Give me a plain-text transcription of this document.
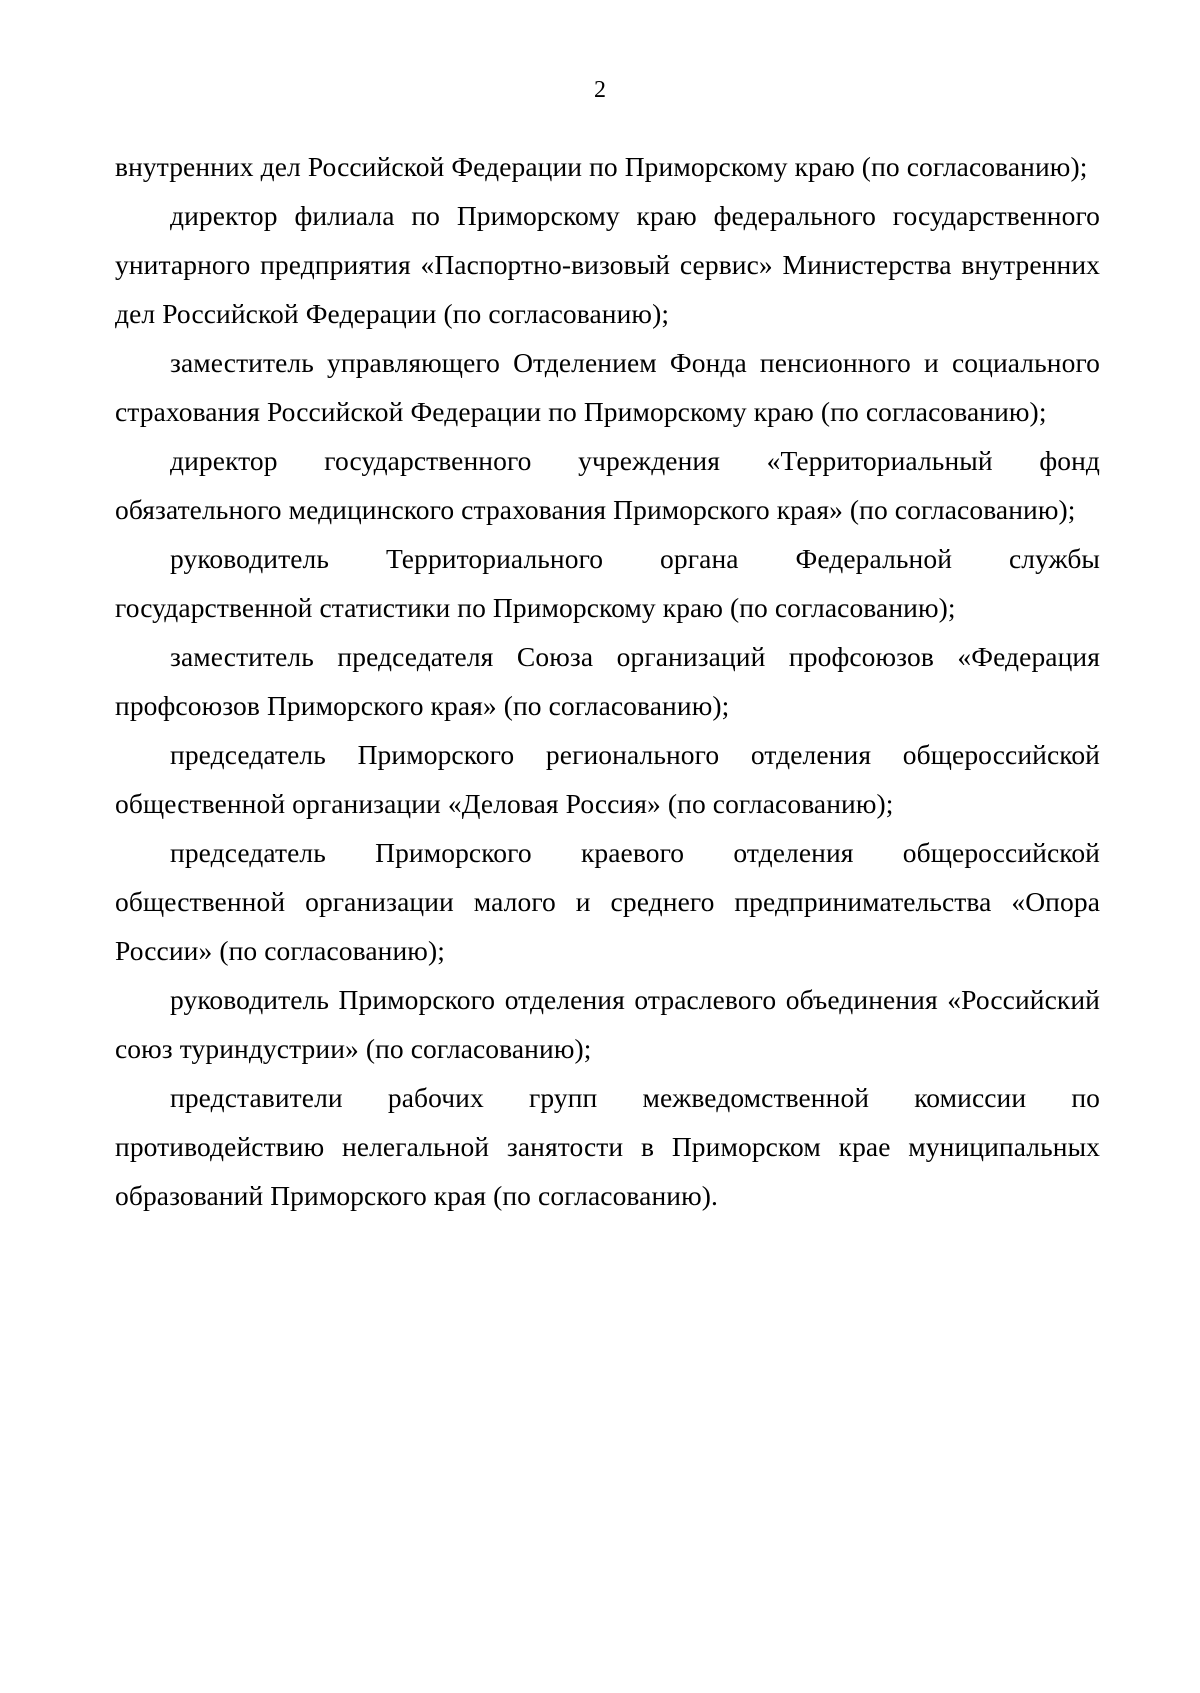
2

внутренних дел Российской Федерации по Приморскому краю (по согласованию);

директор филиала по Приморскому краю федерального государственного унитарного предприятия «Паспортно-визовый сервис» Министерства внутренних дел Российской Федерации (по согласованию);

заместитель управляющего Отделением Фонда пенсионного и социального страхования Российской Федерации по Приморскому краю (по согласованию);

директор государственного учреждения «Территориальный фонд обязательного медицинского страхования Приморского края» (по согласованию);

руководитель Территориального органа Федеральной службы государственной статистики по Приморскому краю (по согласованию);

заместитель председателя Союза организаций профсоюзов «Федерация профсоюзов Приморского края» (по согласованию);

председатель Приморского регионального отделения общероссийской общественной организации «Деловая Россия» (по согласованию);

председатель Приморского краевого отделения общероссийской общественной организации малого и среднего предпринимательства «Опора России» (по согласованию);

руководитель Приморского отделения отраслевого объединения «Российский союз туриндустрии» (по согласованию);

представители рабочих групп межведомственной комиссии по противодействию нелегальной занятости в Приморском крае муниципальных образований Приморского края (по согласованию).
